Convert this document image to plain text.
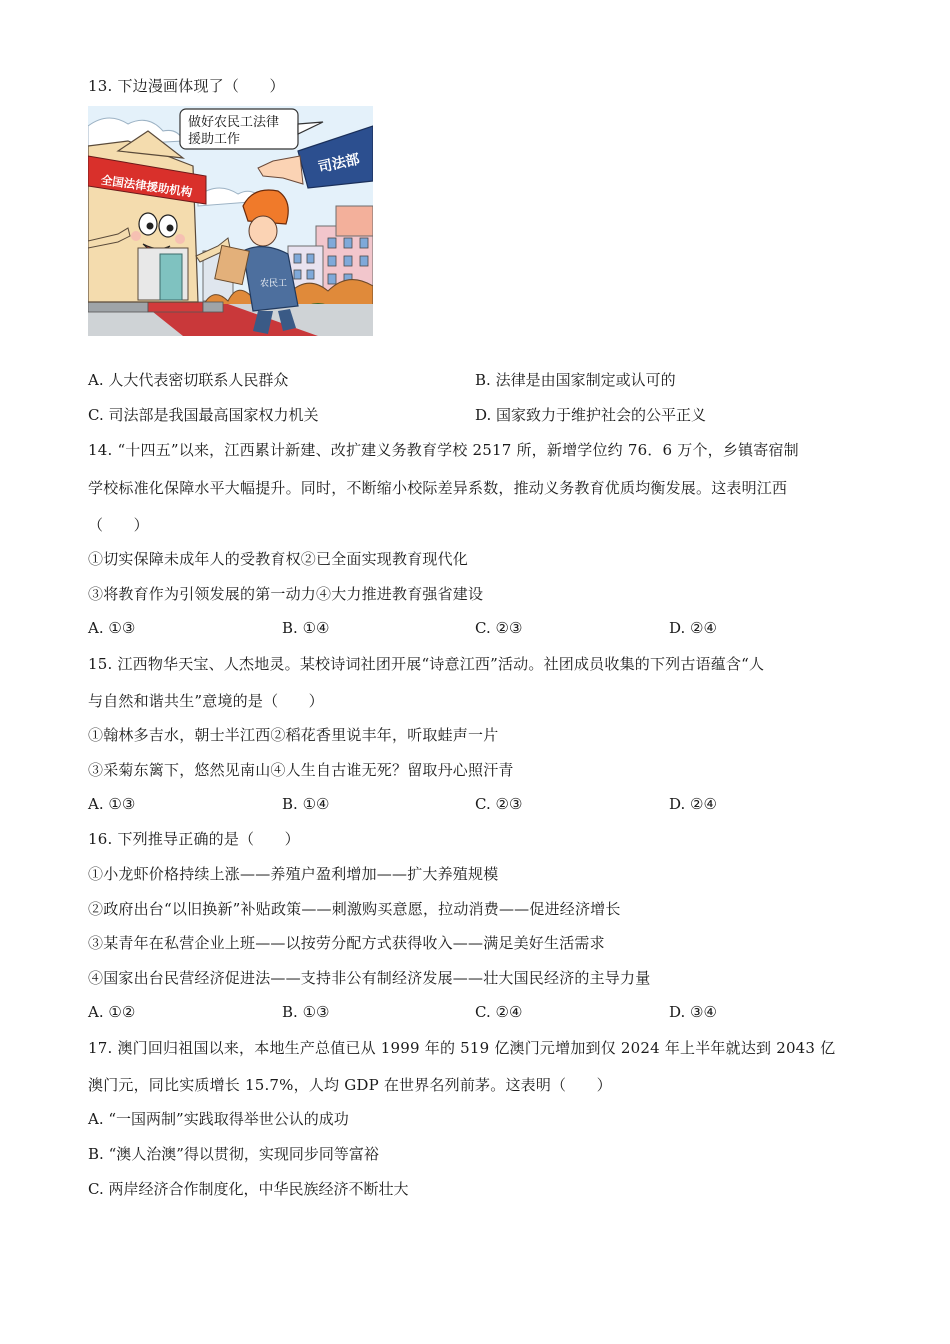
13. 下边漫画体现了（　　）
全国法律援助机构
做好农民工法律
援助工作
司法部
农民工
A. 人大代表密切联系人民群众	B. 法律是由国家制定或认可的
C. 司法部是我国最高国家权力机关	D. 国家致力于维护社会的公平正义
14. “十四五”以来，江西累计新建、改扩建义务教育学校 2517 所，新增学位约 76．6 万个，乡镇寄宿制
学校标准化保障水平大幅提升。同时，不断缩小校际差异系数，推动义务教育优质均衡发展。这表明江西
（　　）
①切实保障未成年人的受教育权②已全面实现教育现代化
③将教育作为引领发展的第一动力④大力推进教育强省建设
A. ①③	B. ①④	C. ②③	D. ②④
15. 江西物华天宝、人杰地灵。某校诗词社团开展“诗意江西”活动。社团成员收集的下列古语蕴含“人
与自然和谐共生”意境的是（　　）
①翰林多吉水，朝士半江西②稻花香里说丰年，听取蛙声一片
③采菊东篱下，悠然见南山④人生自古谁无死？留取丹心照汗青
A. ①③	B. ①④	C. ②③	D. ②④
16. 下列推导正确的是（　　）
①小龙虾价格持续上涨——养殖户盈利增加——扩大养殖规模
②政府出台“以旧换新”补贴政策——刺激购买意愿，拉动消费——促进经济增长
③某青年在私营企业上班——以按劳分配方式获得收入——满足美好生活需求
④国家出台民营经济促进法——支持非公有制经济发展——壮大国民经济的主导力量
A. ①②	B. ①③	C. ②④	D. ③④
17. 澳门回归祖国以来，本地生产总值已从 1999 年的 519 亿澳门元增加到仅 2024 年上半年就达到 2043 亿
澳门元，同比实质增长 15.7%，人均 GDP 在世界名列前茅。这表明（　　）
A. “一国两制”实践取得举世公认的成功
B. “澳人治澳”得以贯彻，实现同步同等富裕
C. 两岸经济合作制度化，中华民族经济不断壮大
